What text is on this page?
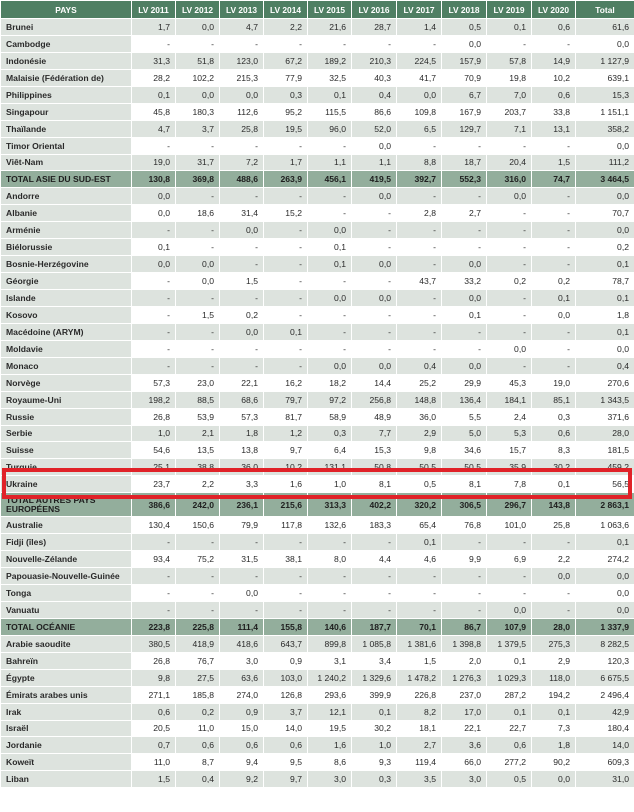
PAYS	LV 2011	LV 2012	LV 2013	LV 2014	LV 2015	LV 2016	LV 2017	LV 2018	LV 2019	LV 2020	Total
Brunei	1,7	0,0	4,7	2,2	21,6	28,7	1,4	0,5	0,1	0,6	61,6
Cambodge	-	-	-	-	-	-	-	0,0	-	-	0,0
Indonésie	31,3	51,8	123,0	67,2	189,2	210,3	224,5	157,9	57,8	14,9	1 127,9
Malaisie (Fédération de)	28,2	102,2	215,3	77,9	32,5	40,3	41,7	70,9	19,8	10,2	639,1
Philippines	0,1	0,0	0,0	0,3	0,1	0,4	0,0	6,7	7,0	0,6	15,3
Singapour	45,8	180,3	112,6	95,2	115,5	86,6	109,8	167,9	203,7	33,8	1 151,1
Thaïlande	4,7	3,7	25,8	19,5	96,0	52,0	6,5	129,7	7,1	13,1	358,2
Timor Oriental	-	-	-	-	-	0,0	-	-	-	-	0,0
Viêt-Nam	19,0	31,7	7,2	1,7	1,1	1,1	8,8	18,7	20,4	1,5	111,2
TOTAL ASIE DU SUD-EST	130,8	369,8	488,6	263,9	456,1	419,5	392,7	552,3	316,0	74,7	3 464,5
Andorre	0,0	-	-	-	-	0,0	-	-	0,0	-	0,0
Albanie	0,0	18,6	31,4	15,2	-	-	2,8	2,7	-	-	70,7
Arménie	-	-	0,0	-	0,0	-	-	-	-	-	0,0
Biélorussie	0,1	-	-	-	0,1	-	-	-	-	-	0,2
Bosnie-Herzégovine	0,0	0,0	-	-	0,1	0,0	-	0,0	-	-	0,1
Géorgie	-	0,0	1,5	-	-	-	43,7	33,2	0,2	0,2	78,7
Islande	-	-	-	-	0,0	0,0	-	0,0	-	0,1	0,1
Kosovo	-	1,5	0,2	-	-	-	-	0,1	-	0,0	1,8
Macédoine (ARYM)	-	-	0,0	0,1	-	-	-	-	-	-	0,1
Moldavie	-	-	-	-	-	-	-	-	0,0	-	0,0
Monaco	-	-	-	-	0,0	0,0	0,4	0,0	-	-	0,4
Norvège	57,3	23,0	22,1	16,2	18,2	14,4	25,2	29,9	45,3	19,0	270,6
Royaume-Uni	198,2	88,5	68,6	79,7	97,2	256,8	148,8	136,4	184,1	85,1	1 343,5
Russie	26,8	53,9	57,3	81,7	58,9	48,9	36,0	5,5	2,4	0,3	371,6
Serbie	1,0	2,1	1,8	1,2	0,3	7,7	2,9	5,0	5,3	0,6	28,0
Suisse	54,6	13,5	13,8	9,7	6,4	15,3	9,8	34,6	15,7	8,3	181,5
Turquie	25,1	38,8	36,0	10,2	131,1	50,8	50,5	50,5	35,9	30,2	459,2
Ukraine	23,7	2,2	3,3	1,6	1,0	8,1	0,5	8,1	7,8	0,1	56,5

TOTAL AUTRES PAYS EUROPÉENS	386,6	242,0	236,1	215,6	313,3	402,2	320,2	306,5	296,7	143,8	2 863,1
Australie	130,4	150,6	79,9	117,8	132,6	183,3	65,4	76,8	101,0	25,8	1 063,6
Fidji (îles)	-	-	-	-	-	-	0,1	-	-	-	0,1
Nouvelle-Zélande	93,4	75,2	31,5	38,1	8,0	4,4	4,6	9,9	6,9	2,2	274,2
Papouasie-Nouvelle-Guinée	-	-	-	-	-	-	-	-	-	0,0	0,0
Tonga	-	-	0,0	-	-	-	-	-	-	-	0,0
Vanuatu	-	-	-	-	-	-	-	-	0,0	-	0,0
TOTAL OCÉANIE	223,8	225,8	111,4	155,8	140,6	187,7	70,1	86,7	107,9	28,0	1 337,9
Arabie saoudite	380,5	418,9	418,6	643,7	899,8	1 085,8	1 381,6	1 398,8	1 379,5	275,3	8 282,5
Bahreïn	26,8	76,7	3,0	0,9	3,1	3,4	1,5	2,0	0,1	2,9	120,3
Égypte	9,8	27,5	63,6	103,0	1 240,2	1 329,6	1 478,2	1 276,3	1 029,3	118,0	6 675,5
Émirats arabes unis	271,1	185,8	274,0	126,8	293,6	399,9	226,8	237,0	287,2	194,2	2 496,4
Irak	0,6	0,2	0,9	3,7	12,1	0,1	8,2	17,0	0,1	0,1	42,9
Israël	20,5	11,0	15,0	14,0	19,5	30,2	18,1	22,1	22,7	7,3	180,4
Jordanie	0,7	0,6	0,6	0,6	1,6	1,0	2,7	3,6	0,6	1,8	14,0
Koweït	11,0	8,7	9,4	9,5	8,6	9,3	119,4	66,0	277,2	90,2	609,3
Liban	1,5	0,4	9,2	9,7	3,0	0,3	3,5	3,0	0,5	0,0	31,0
